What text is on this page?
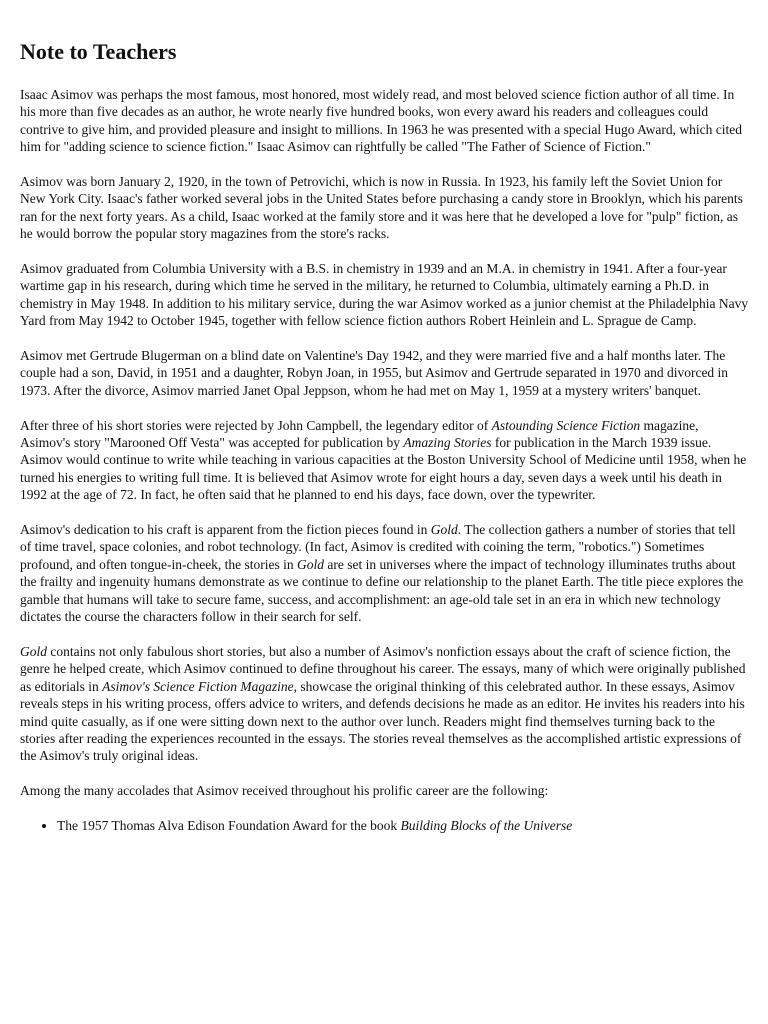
Note to Teachers

Isaac Asimov was perhaps the most famous, most honored, most widely read, and most beloved science fiction author of all time. In his more than five decades as an author, he wrote nearly five hundred books, won every award his readers and colleagues could contrive to give him, and provided pleasure and insight to millions. In 1963 he was presented with a special Hugo Award, which cited him for "adding science to science fiction." Isaac Asimov can rightfully be called "The Father of Science of Fiction."

Asimov was born January 2, 1920, in the town of Petrovichi, which is now in Russia. In 1923, his family left the Soviet Union for New York City. Isaac's father worked several jobs in the United States before purchasing a candy store in Brooklyn, which his parents ran for the next forty years. As a child, Isaac worked at the family store and it was here that he developed a love for "pulp" fiction, as he would borrow the popular story magazines from the store's racks.

Asimov graduated from Columbia University with a B.S. in chemistry in 1939 and an M.A. in chemistry in 1941. After a four-year wartime gap in his research, during which time he served in the military, he returned to Columbia, ultimately earning a Ph.D. in chemistry in May 1948. In addition to his military service, during the war Asimov worked as a junior chemist at the Philadelphia Navy Yard from May 1942 to October 1945, together with fellow science fiction authors Robert Heinlein and L. Sprague de Camp.

Asimov met Gertrude Blugerman on a blind date on Valentine's Day 1942, and they were married five and a half months later. The couple had a son, David, in 1951 and a daughter, Robyn Joan, in 1955, but Asimov and Gertrude separated in 1970 and divorced in 1973. After the divorce, Asimov married Janet Opal Jeppson, whom he had met on May 1, 1959 at a mystery writers' banquet.

After three of his short stories were rejected by John Campbell, the legendary editor of Astounding Science Fiction magazine, Asimov's story "Marooned Off Vesta" was accepted for publication by Amazing Stories for publication in the March 1939 issue. Asimov would continue to write while teaching in various capacities at the Boston University School of Medicine until 1958, when he turned his energies to writing full time. It is believed that Asimov wrote for eight hours a day, seven days a week until his death in 1992 at the age of 72. In fact, he often said that he planned to end his days, face down, over the typewriter.

Asimov's dedication to his craft is apparent from the fiction pieces found in Gold. The collection gathers a number of stories that tell of time travel, space colonies, and robot technology. (In fact, Asimov is credited with coining the term, "robotics.") Sometimes profound, and often tongue-in-cheek, the stories in Gold are set in universes where the impact of technology illuminates truths about the frailty and ingenuity humans demonstrate as we continue to define our relationship to the planet Earth. The title piece explores the gamble that humans will take to secure fame, success, and accomplishment: an age-old tale set in an era in which new technology dictates the course the characters follow in their search for self.

Gold contains not only fabulous short stories, but also a number of Asimov's nonfiction essays about the craft of science fiction, the genre he helped create, which Asimov continued to define throughout his career. The essays, many of which were originally published as editorials in Asimov's Science Fiction Magazine, showcase the original thinking of this celebrated author. In these essays, Asimov reveals steps in his writing process, offers advice to writers, and defends decisions he made as an editor. He invites his readers into his mind quite casually, as if one were sitting down next to the author over lunch. Readers might find themselves turning back to the stories after reading the experiences recounted in the essays. The stories reveal themselves as the accomplished artistic expressions of the Asimov's truly original ideas.

Among the many accolades that Asimov received throughout his prolific career are the following:

• The 1957 Thomas Alva Edison Foundation Award for the book Building Blocks of the Universe
